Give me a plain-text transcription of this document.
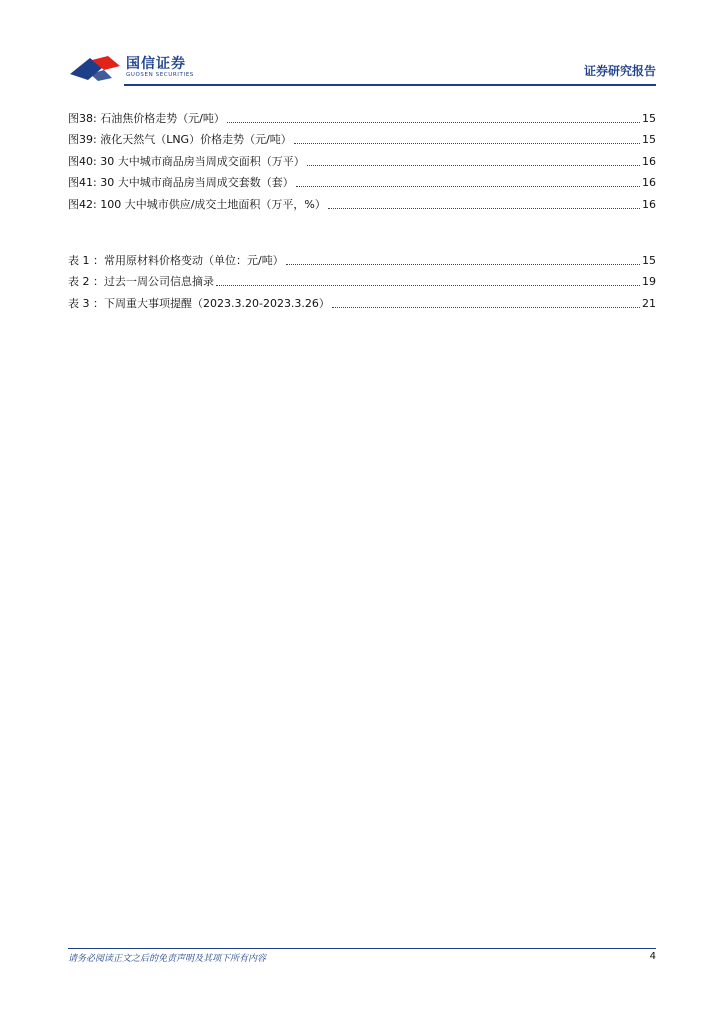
国信证券
GUOSEN SECURITIES	证券研究报告
图38: 石油焦价格走势（元/吨）	15
图39: 液化天然气（LNG）价格走势（元/吨）	15
图40: 30 大中城市商品房当周成交面积（万平）	16
图41: 30 大中城市商品房当周成交套数（套）	16
图42: 100 大中城市供应/成交土地面积（万平，%）	16
表 1 ：常用原材料价格变动（单位：元/吨）	15
表 2 ：过去一周公司信息摘录	19
表 3 ：下周重大事项提醒（2023.3.20-2023.3.26）	21
请务必阅读正文之后的免责声明及其项下所有内容	4
